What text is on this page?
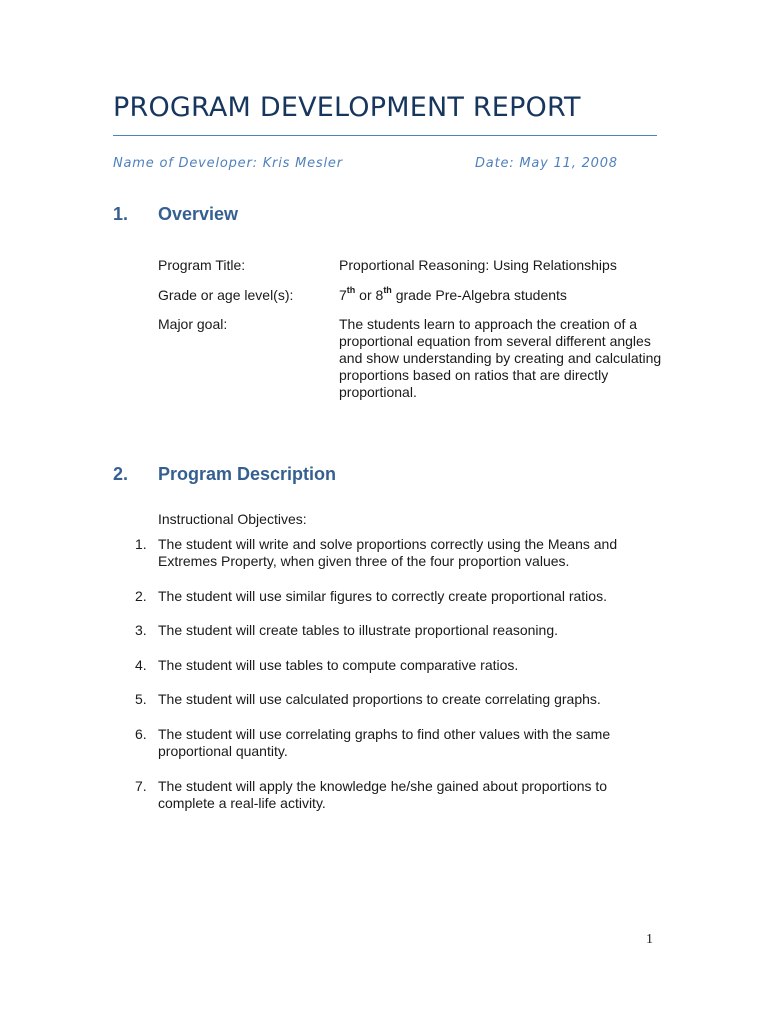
PROGRAM DEVELOPMENT REPORT
Name of Developer: Kris Mesler	Date: May 11, 2008
1. Overview
Program Title:	Proportional Reasoning: Using Relationships
Grade or age level(s):	7th or 8th grade Pre-Algebra students
Major goal:	The students learn to approach the creation of a proportional equation from several different angles and show understanding by creating and calculating proportions based on ratios that are directly proportional.
2. Program Description
Instructional Objectives:
1. The student will write and solve proportions correctly using the Means and Extremes Property, when given three of the four proportion values.
2. The student will use similar figures to correctly create proportional ratios.
3. The student will create tables to illustrate proportional reasoning.
4. The student will use tables to compute comparative ratios.
5. The student will use calculated proportions to create correlating graphs.
6. The student will use correlating graphs to find other values with the same proportional quantity.
7. The student will apply the knowledge he/she gained about proportions to complete a real-life activity.
1
